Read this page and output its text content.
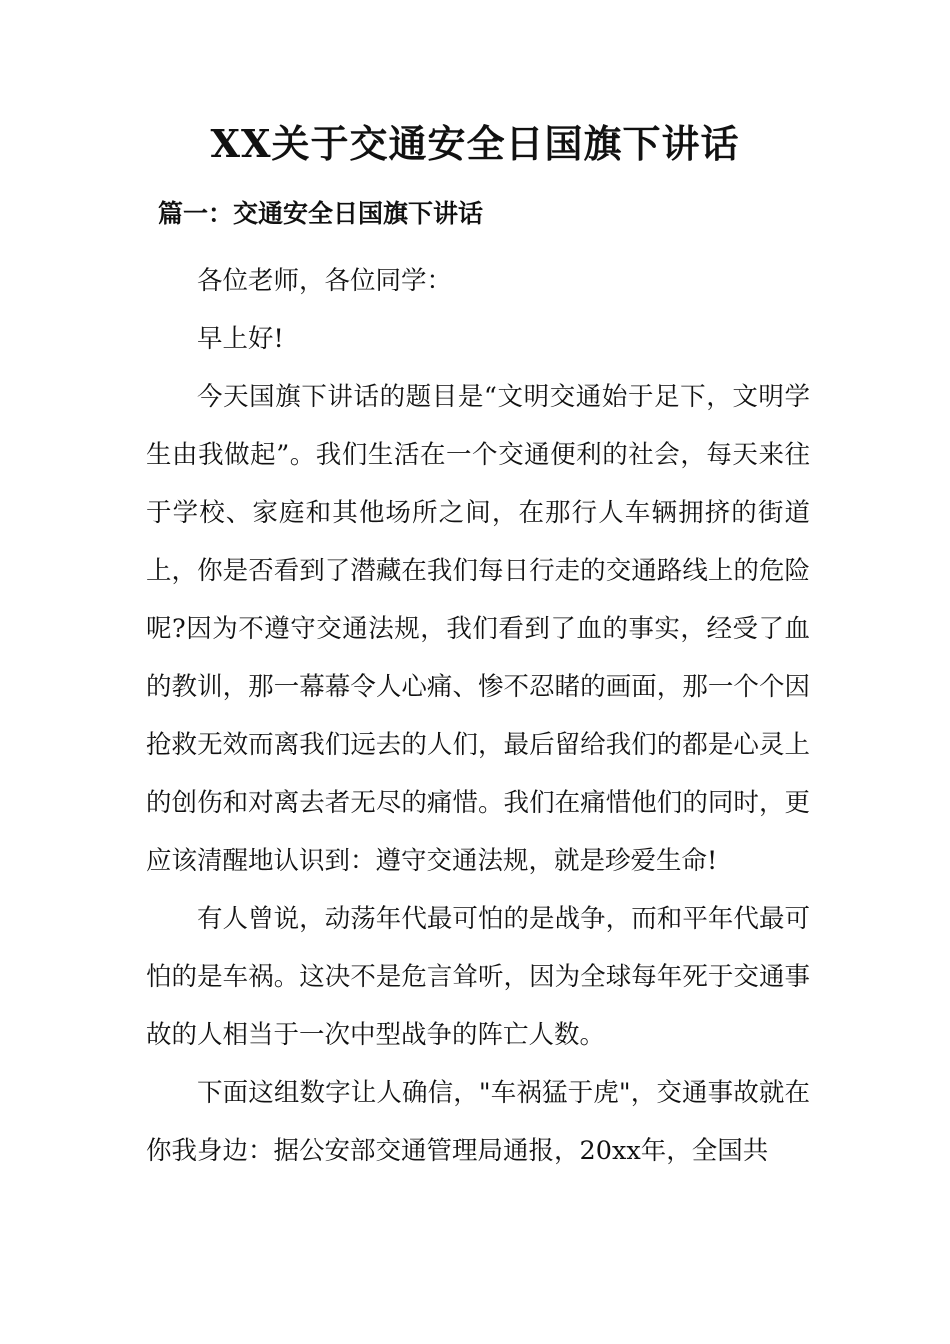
XX关于交通安全日国旗下讲话
篇一：交通安全日国旗下讲话

各位老师，各位同学：

早上好!

今天国旗下讲话的题目是“文明交通始于足下，文明学生由我做起”。我们生活在一个交通便利的社会，每天来往于学校、家庭和其他场所之间，在那行人车辆拥挤的街道上，你是否看到了潜藏在我们每日行走的交通路线上的危险呢?因为不遵守交通法规，我们看到了血的事实，经受了血的教训，那一幕幕令人心痛、惨不忍睹的画面，那一个个因抢救无效而离我们远去的人们，最后留给我们的都是心灵上的创伤和对离去者无尽的痛惜。我们在痛惜他们的同时，更应该清醒地认识到：遵守交通法规，就是珍爱生命!

有人曾说，动荡年代最可怕的是战争，而和平年代最可怕的是车祸。这决不是危言耸听，因为全球每年死于交通事故的人相当于一次中型战争的阵亡人数。

下面这组数字让人确信，"车祸猛于虎"，交通事故就在你我身边：据公安部交通管理局通报，20xx年，全国共
